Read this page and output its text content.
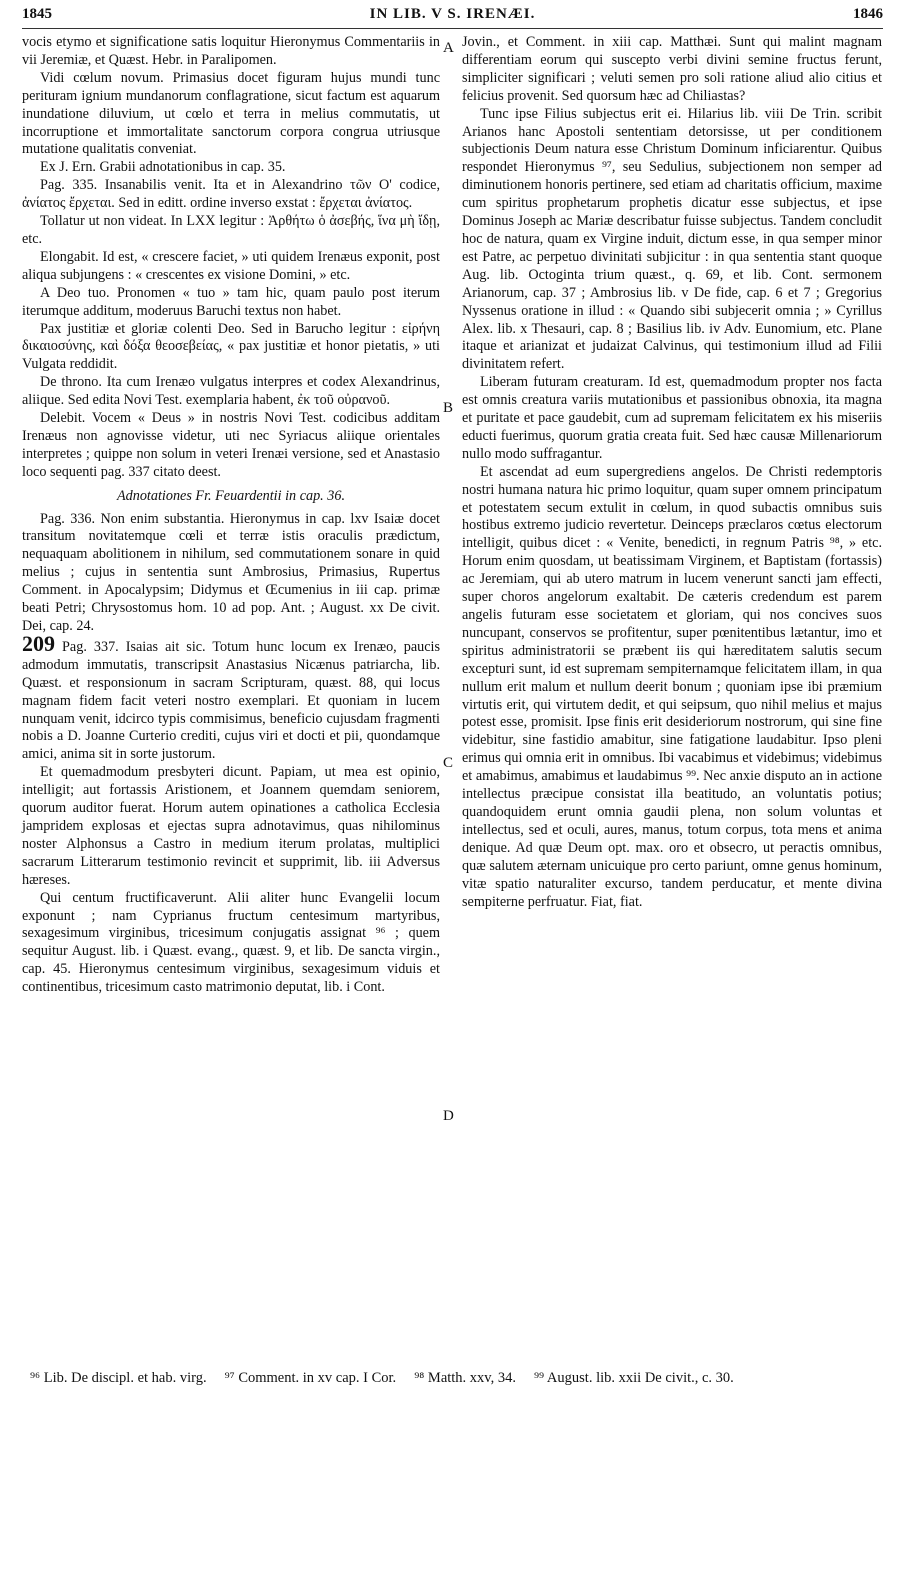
1845	IN LIB. V S. IRENÆI.	1846

vocis etymo et significatione satis loquitur Hieronymus Commentariis in vii Jeremiæ, et Quæst. Hebr. in Paralipomen.

Vidi cœlum novum. Primasius docet figuram hujus mundi tunc perituram ignium mundanorum conflagratione, sicut factum est aquarum inundatione diluvium, ut cœlo et terra in melius commutatis, ut incorruptione et immortalitate sanctorum corpora congrua utriusque mutatione qualitatis conveniat.

Ex J. Ern. Grabii adnotationibus in cap. 35.

Pag. 335. Insanabilis venit. Ita et in Alexandrino τῶν Ο' codice, ἀνίατος ἔρχεται. Sed in editt. ordine inverso exstat : ἔρχεται ἀνίατος.

Tollatur ut non videat. In LXX legitur : Ἀρθήτω ὁ ἀσεβής, ἵνα μὴ ἴδῃ, etc.

Elongabit. Id est, « crescere faciet, » uti quidem Irenæus exponit, post aliqua subjungens : « crescentes ex visione Domini, » etc.

A Deo tuo. Pronomen « tuo » tam hic, quam paulo post iterum iterumque additum, moderuus Baruchi textus non habet.

Pax justitiæ et gloriæ colenti Deo. Sed in Barucho legitur : εἰρήνη δικαιοσύνης, καὶ δόξα θεοσεβείας, « pax justitiæ et honor pietatis, » uti Vulgata reddidit.

De throno. Ita cum Irenæo vulgatus interpres et codex Alexandrinus, aliique. Sed edita Novi Test. exemplaria habent, ἐκ τοῦ οὐρανοῦ.

Delebit. Vocem « Deus » in nostris Novi Test. codicibus additam Irenæus non agnovisse videtur, uti nec Syriacus aliique orientales interpretes ; quippe non solum in veteri Irenæi versione, sed et Anastasio loco sequenti pag. 337 citato deest.

Adnotationes Fr. Feuardentii in cap. 36.

Pag. 336. Non enim substantia. Hieronymus in cap. lxv Isaiæ docet transitum novitatemque cœli et terræ istis oraculis prædictum, nequaquam abolitionem in nihilum, sed commutationem sonare in quid melius ; cujus in sententia sunt Ambrosius, Primasius, Rupertus Comment. in Apocalypsim; Didymus et Œcumenius in iii cap. primæ beati Petri; Chrysostomus hom. 10 ad pop. Ant. ; August. xx De civit. Dei, cap. 24.

209 Pag. 337. Isaias ait sic. Totum hunc locum ex Irenæo, paucis admodum immutatis, transcripsit Anastasius Nicænus patriarcha, lib. Quæst. et responsionum in sacram Scripturam, quæst. 88, qui locus magnam fidem facit veteri nostro exemplari. Et quoniam in lucem nunquam venit, idcirco typis commisimus, beneficio cujusdam fragmenti nobis a D. Joanne Curterio crediti, cujus viri et docti et pii, quondamque amici, anima sit in sorte justorum.

Et quemadmodum presbyteri dicunt. Papiam, ut mea est opinio, intelligit; aut fortassis Aristionem, et Joannem quemdam seniorem, quorum auditor fuerat. Horum autem opinationes a catholica Ecclesia jampridem explosas et ejectas supra adnotavimus, quas nihilominus noster Alphonsus a Castro in medium iterum prolatas, multiplici sacrarum Litterarum testimonio revincit et supprimit, lib. iii Adversus hæreses.

Qui centum fructificaverunt. Alii aliter hunc Evangelii locum exponunt ; nam Cyprianus fructum centesimum martyribus, sexagesimum virginibus, tricesimum conjugatis assignat ⁹⁶ ; quem sequitur August. lib. i Quæst. evang., quæst. 9, et lib. De sancta virgin., cap. 45. Hieronymus centesimum virginibus, sexagesimum viduis et continentibus, tricesimum casto matrimonio deputat, lib. i Cont.

Jovin., et Comment. in xiii cap. Matthæi. Sunt qui malint magnam differentiam eorum qui suscepto verbi divini semine fructus ferunt, simpliciter significari ; veluti semen pro soli ratione aliud alio citius et felicius provenit. Sed quorsum hæc ad Chiliastas?

Tunc ipse Filius subjectus erit ei. Hilarius lib. viii De Trin. scribit Arianos hanc Apostoli sententiam detorsisse, ut per conditionem subjectionis Deum natura esse Christum Dominum inficiarentur. Quibus respondet Hieronymus ⁹⁷, seu Sedulius, subjectionem non semper ad diminutionem honoris pertinere, sed etiam ad charitatis officium, maxime cum spiritus prophetarum prophetis dicatur esse subjectus, et ipse Dominus Joseph ac Mariæ describatur fuisse subjectus. Tandem concludit hoc de natura, quam ex Virgine induit, dictum esse, in qua semper minor est Patre, ac perpetuo divinitati subjicitur : in qua sententia stant quoque Aug. lib. Octoginta trium quæst., q. 69, et lib. Cont. sermonem Arianorum, cap. 37 ; Ambrosius lib. v De fide, cap. 6 et 7 ; Gregorius Nyssenus oratione in illud : « Quando sibi subjecerit omnia ; » Cyrillus Alex. lib. x Thesauri, cap. 8 ; Basilius lib. iv Adv. Eunomium, etc. Plane itaque et arianizat et judaizat Calvinus, qui testimonium illud ad Filii divinitatem refert.

Liberam futuram creaturam. Id est, quemadmodum propter nos facta est omnis creatura variis mutationibus et passionibus obnoxia, ita magna et puritate et pace gaudebit, cum ad supremam felicitatem ex his miseriis educti fuerimus, quorum gratia creata fuit. Sed hæc causæ Millenariorum nullo modo suffragantur.

Et ascendat ad eum supergrediens angelos. De Christi redemptoris nostri humana natura hic primo loquitur, quam super omnem principatum et potestatem secum extulit in cœlum, in quod subactis omnibus suis hostibus extremo judicio revertetur. Deinceps præclaros cœtus electorum intelligit, quibus dicet : « Venite, benedicti, in regnum Patris ⁹⁸, » etc. Horum enim quosdam, ut beatissimam Virginem, et Baptistam (fortassis) ac Jeremiam, qui ab utero matrum in lucem venerunt sancti jam effecti, super choros angelorum exaltabit. De cæteris credendum est parem angelis futuram esse societatem et gloriam, qui nos concives suos nuncupant, conservos se profitentur, super pœnitentibus lætantur, imo et spiritus administratorii se præbent iis qui hæreditatem salutis secum excepturi sunt, id est supremam sempiternamque felicitatem illam, in qua nullum erit malum et nullum deerit bonum ; quoniam ipse ibi præmium virtutis erit, qui virtutem dedit, et qui seipsum, quo nihil melius et majus potest esse, promisit. Ipse finis erit desideriorum nostrorum, qui sine fine videbitur, sine fastidio amabitur, sine fatigatione laudabitur. Ipso pleni erimus qui omnia erit in omnibus. Ibi vacabimus et videbimus; videbimus et amabimus, amabimus et laudabimus ⁹⁹. Nec anxie disputo an in actione intellectus præcipue consistat illa beatitudo, an voluntatis potius; quandoquidem erunt omnia gaudii plena, non solum voluntas et intellectus, sed et oculi, aures, manus, totum corpus, tota mens et anima denique. Ad quæ Deum opt. max. oro et obsecro, ut peractis omnibus, quæ salutem æternam unicuique pro certo pariunt, omne genus hominum, vitæ spatio naturaliter excurso, tandem perducatur, et mente divina sempiterne perfruatur. Fiat, fiat.

A
B
C
D
⁹⁶ Lib. De discipl. et hab. virg. ⁹⁷ Comment. in xv cap. I Cor. ⁹⁸ Matth. xxv, 34. ⁹⁹ August. lib. xxii De civit., c. 30.
